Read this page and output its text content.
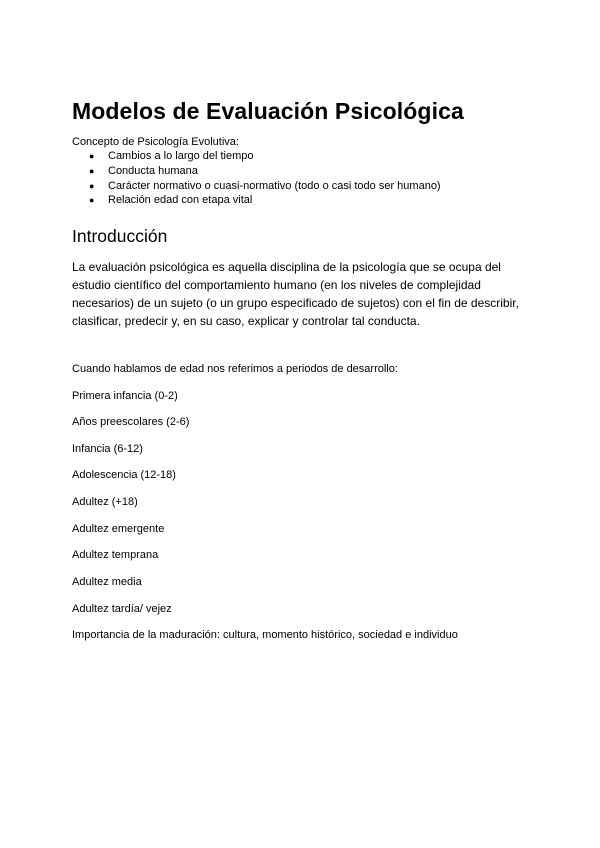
Modelos de Evaluación Psicológica

Concepto de Psicología Evolutiva:

● Cambios a lo largo del tiempo
● Conducta humana
● Carácter normativo o cuasi-normativo (todo o casi todo ser humano)
● Relación edad con etapa vital
Introducción

La evaluación psicológica es aquella disciplina de la psicología que se ocupa del estudio científico del comportamiento humano (en los niveles de complejidad necesarios) de un sujeto (o un grupo especificado de sujetos) con el fin de describir, clasificar, predecir y, en su caso, explicar y controlar tal conducta.

Cuando hablamos de edad nos referimos a periodos de desarrollo:

Primera infancia (0-2)

Años preescolares (2-6)

Infancia (6-12)

Adolescencia (12-18)

Adultez (+18)

Adultez emergente

Adultez temprana

Adultez media

Adultez tardía/ vejez

Importancia de la maduración: cultura, momento histórico, sociedad e individuo
